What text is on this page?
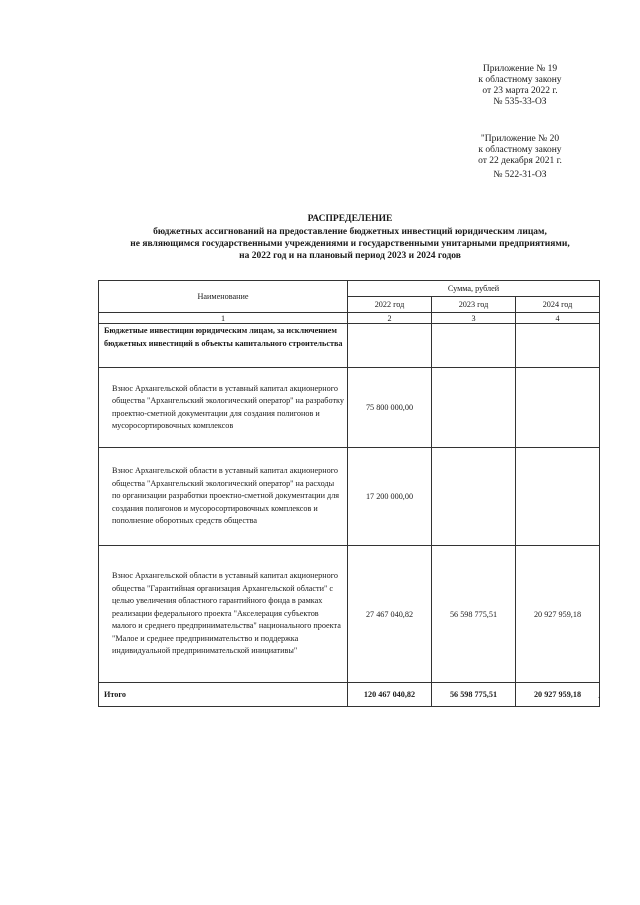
Приложение № 19
к областному закону
от 23 марта 2022 г.
№ 535-33-ОЗ
"Приложение № 20
к областному закону
от 22 декабря 2021 г.
№ 522-31-ОЗ
РАСПРЕДЕЛЕНИЕ
бюджетных ассигнований на предоставление бюджетных инвестиций юридическим лицам,
не являющимся государственными учреждениями и государственными унитарными предприятиями,
на 2022 год и на плановый период 2023 и 2024 годов
Наименование	Сумма, рублей		
	2022 год	2023 год	2024 год
1	2	3	4
Бюджетные инвестиции юридическим лицам, за исключением бюджетных инвестиций в объекты капитального строительства			
Взнос Архангельской области в уставный капитал акционерного общества "Архангельский экологический оператор" на разработку проектно-сметной документации для создания полигонов и мусоросортировочных комплексов	75 800 000,00		
Взнос Архангельской области в уставный капитал акционерного общества "Архангельский экологический оператор" на расходы по организации разработки проектно-сметной документации для создания полигонов и мусоросортировочных комплексов и пополнение оборотных средств общества	17 200 000,00		
Взнос Архангельской области в уставный капитал акционерного общества "Гарантийная организация Архангельской области" с целью увеличения областного гарантийного фонда в рамках реализации федерального проекта "Акселерация субъектов малого и среднего предпринимательства" национального проекта "Малое и среднее предпринимательство и поддержка индивидуальной предпринимательской инициативы"	27 467 040,82	56 598 775,51	20 927 959,18
Итого	120 467 040,82	56 598 775,51	20 927 959,18 .
